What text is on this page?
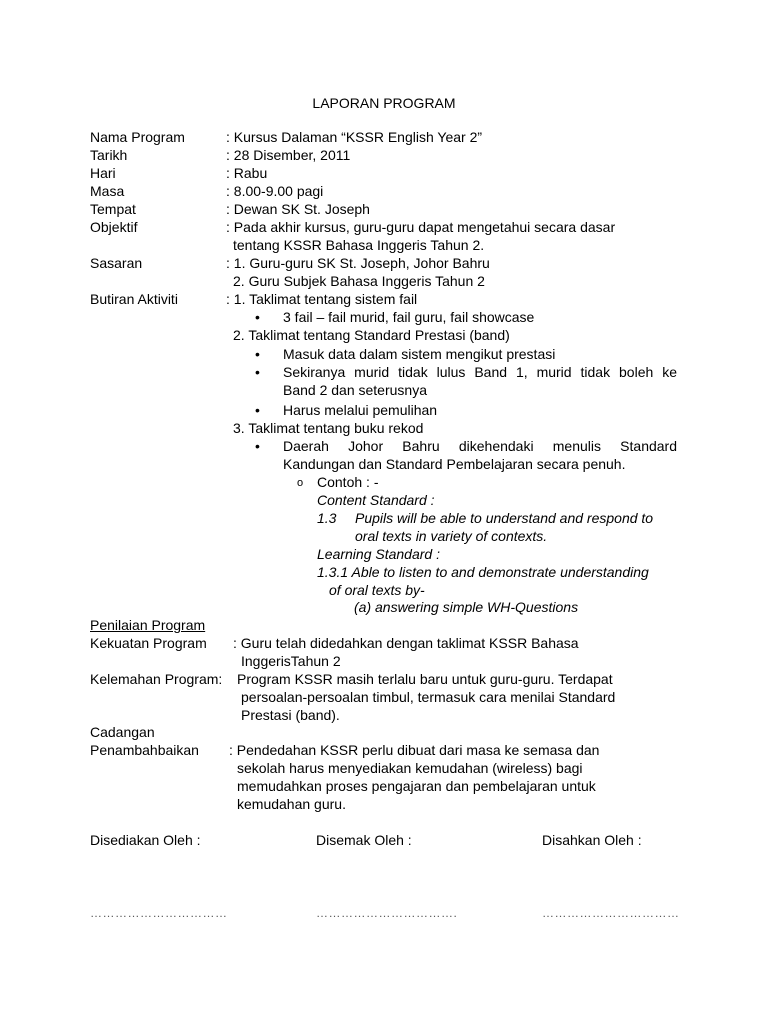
LAPORAN PROGRAM
Nama Program	: Kursus Dalaman “KSSR English Year 2”
Tarikh	: 28 Disember, 2011
Hari	: Rabu
Masa	: 8.00-9.00 pagi
Tempat	: Dewan SK St. Joseph
Objektif	: Pada akhir kursus, guru-guru dapat mengetahui secara dasar
tentang KSSR Bahasa Inggeris Tahun 2.
Sasaran	: 1. Guru-guru SK St. Joseph, Johor Bahru
2. Guru Subjek Bahasa Inggeris Tahun 2
Butiran Aktiviti	: 1. Taklimat tentang sistem fail
• 3 fail – fail murid, fail guru, fail showcase
2. Taklimat tentang Standard Prestasi (band)
• Masuk data dalam sistem mengikut prestasi
• Sekiranya murid tidak lulus Band 1, murid tidak boleh ke
Band 2 dan seterusnya
• Harus melalui pemulihan
3. Taklimat tentang buku rekod
• Daerah Johor Bahru dikehendaki menulis Standard
Kandungan dan Standard Pembelajaran secara penuh.
o Contoh : -
Content Standard :
1.3 Pupils will be able to understand and respond to
oral texts in variety of contexts.
Learning Standard :
1.3.1 Able to listen to and demonstrate understanding
of oral texts by-
(a) answering simple WH-Questions
Penilaian Program
Kekuatan Program : Guru telah didedahkan dengan taklimat KSSR Bahasa
InggerisTahun 2
Kelemahan Program: Program KSSR masih terlalu baru untuk guru-guru. Terdapat
persoalan-persoalan timbul, termasuk cara menilai Standard
Prestasi (band).
Cadangan
Penambahbaikan : Pendedahan KSSR perlu dibuat dari masa ke semasa dan
sekolah harus menyediakan kemudahan (wireless) bagi
memudahkan proses pengajaran dan pembelajaran untuk
kemudahan guru.
Disediakan Oleh :	Disemak Oleh :	Disahkan Oleh :
……………………………	…………………………….	……………………………
